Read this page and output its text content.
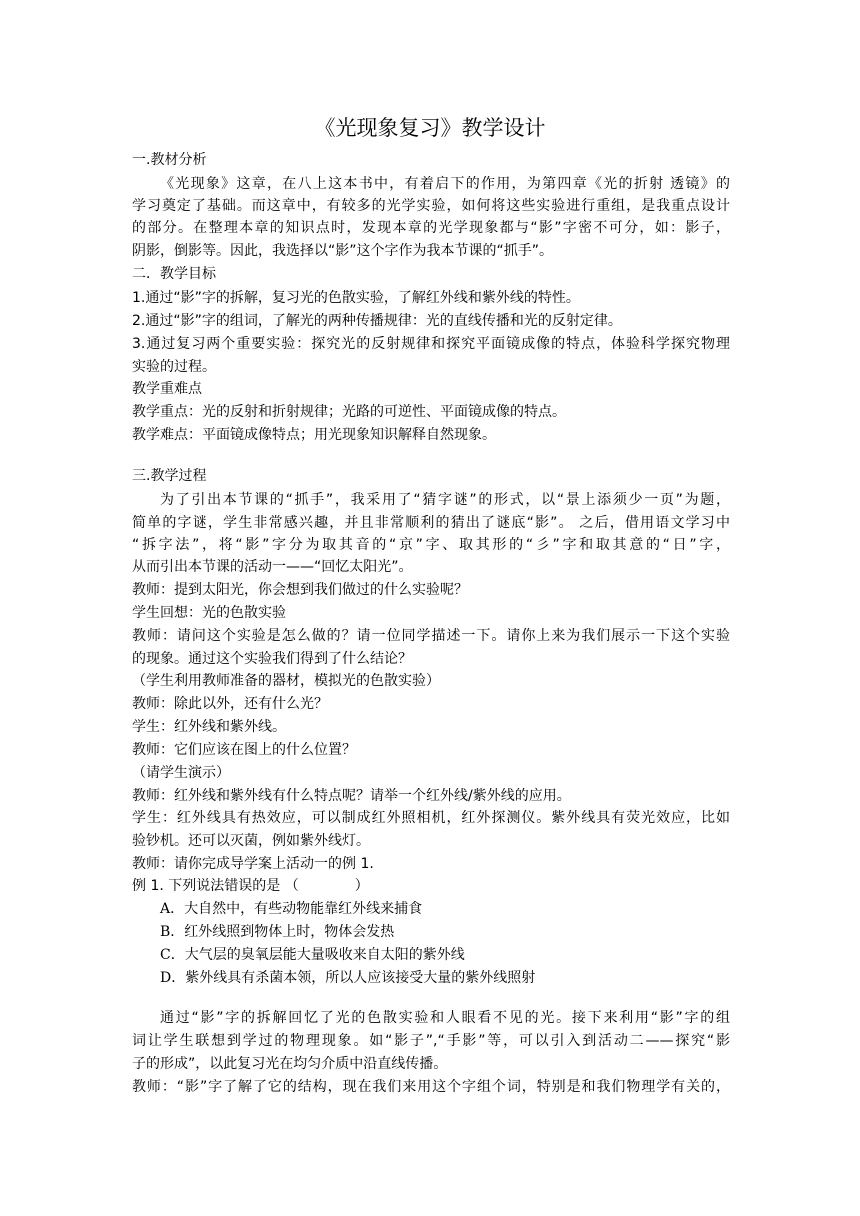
《光现象复习》教学设计
一.教材分析
《光现象》这章，在八上这本书中，有着启下的作用，为第四章《光的折射 透镜》的
学习奠定了基础。而这章中，有较多的光学实验，如何将这些实验进行重组，是我重点设计
的部分。在整理本章的知识点时，发现本章的光学现象都与“影”字密不可分，如：影子，
阴影，倒影等。因此，我选择以“影”这个字作为我本节课的“抓手”。
二．教学目标
1.通过“影”字的拆解，复习光的色散实验，了解红外线和紫外线的特性。
2.通过“影”字的组词，了解光的两种传播规律：光的直线传播和光的反射定律。
3.通过复习两个重要实验：探究光的反射规律和探究平面镜成像的特点，体验科学探究物理
实验的过程。
教学重难点
教学重点：光的反射和折射规律；光路的可逆性、平面镜成像的特点。
教学难点：平面镜成像特点；用光现象知识解释自然现象。
三.教学过程
为了引出本节课的“抓手”，我采用了“猜字谜”的形式，以“景上添须少一页”为题，
简单的字谜，学生非常感兴趣，并且非常顺利的猜出了谜底“影”。 之后，借用语文学习中
“拆字法”，将“影”字分为取其音的“京”字、取其形的“彡”字和取其意的“日”字，
从而引出本节课的活动一——“回忆太阳光”。
教师：提到太阳光，你会想到我们做过的什么实验呢？
学生回想：光的色散实验
教师：请问这个实验是怎么做的？请一位同学描述一下。请你上来为我们展示一下这个实验
的现象。通过这个实验我们得到了什么结论？
（学生利用教师准备的器材，模拟光的色散实验）
教师：除此以外，还有什么光？
学生：红外线和紫外线。
教师：它们应该在图上的什么位置？
（请学生演示）
教师：红外线和紫外线有什么特点呢？请举一个红外线/紫外线的应用。
学生：红外线具有热效应，可以制成红外照相机，红外探测仪。紫外线具有荧光效应，比如
验钞机。还可以灭菌，例如紫外线灯。
教师：请你完成导学案上活动一的例 1.
例 1. 下列说法错误的是 （　　　　）
A．大自然中，有些动物能靠红外线来捕食
B．红外线照到物体上时，物体会发热
C．大气层的臭氧层能大量吸收来自太阳的紫外线
D．紫外线具有杀菌本领，所以人应该接受大量的紫外线照射
通过“影”字的拆解回忆了光的色散实验和人眼看不见的光。接下来利用“影”字的组
词让学生联想到学过的物理现象。如“影子”,“手影”等，可以引入到活动二——探究“影
子的形成”，以此复习光在均匀介质中沿直线传播。
教师：“影”字了解了它的结构，现在我们来用这个字组个词，特别是和我们物理学有关的，
